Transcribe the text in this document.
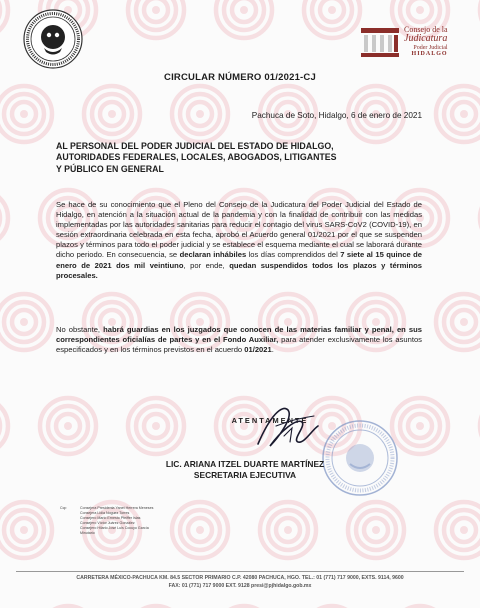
Consejo de la
Judicatura
Poder Judicial
HIDALGO
CIRCULAR NÚMERO 01/2021-CJ
Pachuca de Soto, Hidalgo, 6 de enero de 2021
AL PERSONAL DEL PODER JUDICIAL DEL ESTADO DE HIDALGO,
AUTORIDADES FEDERALES, LOCALES, ABOGADOS, LITIGANTES
Y PÚBLICO EN GENERAL
Se hace de su conocimiento que el Pleno del Consejo de la Judicatura del Poder Judicial del Estado de Hidalgo, en atención a la situación actual de la pandemia y con la finalidad de contribuir con las medidas implementadas por las autoridades sanitarias para reducir el contagio del virus SARS-CoV2 (COVID-19), en sesión extraordinaria celebrada en esta fecha, aprobó el Acuerdo general 01/2021 por el que se suspenden plazos y términos para todo el poder judicial y se establece el esquema mediante el cual se laborará durante dicho periodo. En consecuencia, se declaran inhábiles los días comprendidos del 7 siete al 15 quince de enero de 2021 dos mil veintiuno, por ende, quedan suspendidos todos los plazos y términos procesales.
No obstante, habrá guardias en los juzgados que conocen de las materias familiar y penal, en sus correspondientes oficialías de partes y en el Fondo Auxiliar, para atender exclusivamente los asuntos especificados y en los términos previstos en el acuerdo 01/2021.
ATENTAMENTE
LIC. ARIANA ITZEL DUARTE MARTÍNEZ
SECRETARIA EJECUTIVA
Ccp	Consejera Presidenta Yanet Herrera Meneses
Consejera Lidia Noguez Torres
Consejero Mario Ernesto Pfeiffer Islas
Consejero Víctor Juárez González
Consejero Hilario José Luis Cocuyo García
Minutario
CARRETERA MÉXICO-PACHUCA KM. 84.5 SECTOR PRIMARIO C.P. 42080 PACHUCA, HGO. TEL.: 01 (771) 717 9000, EXTS. 9114, 9600
FAX: 01 (771) 717 9000 EXT. 9128 presi@pjhidalgo.gob.mx
